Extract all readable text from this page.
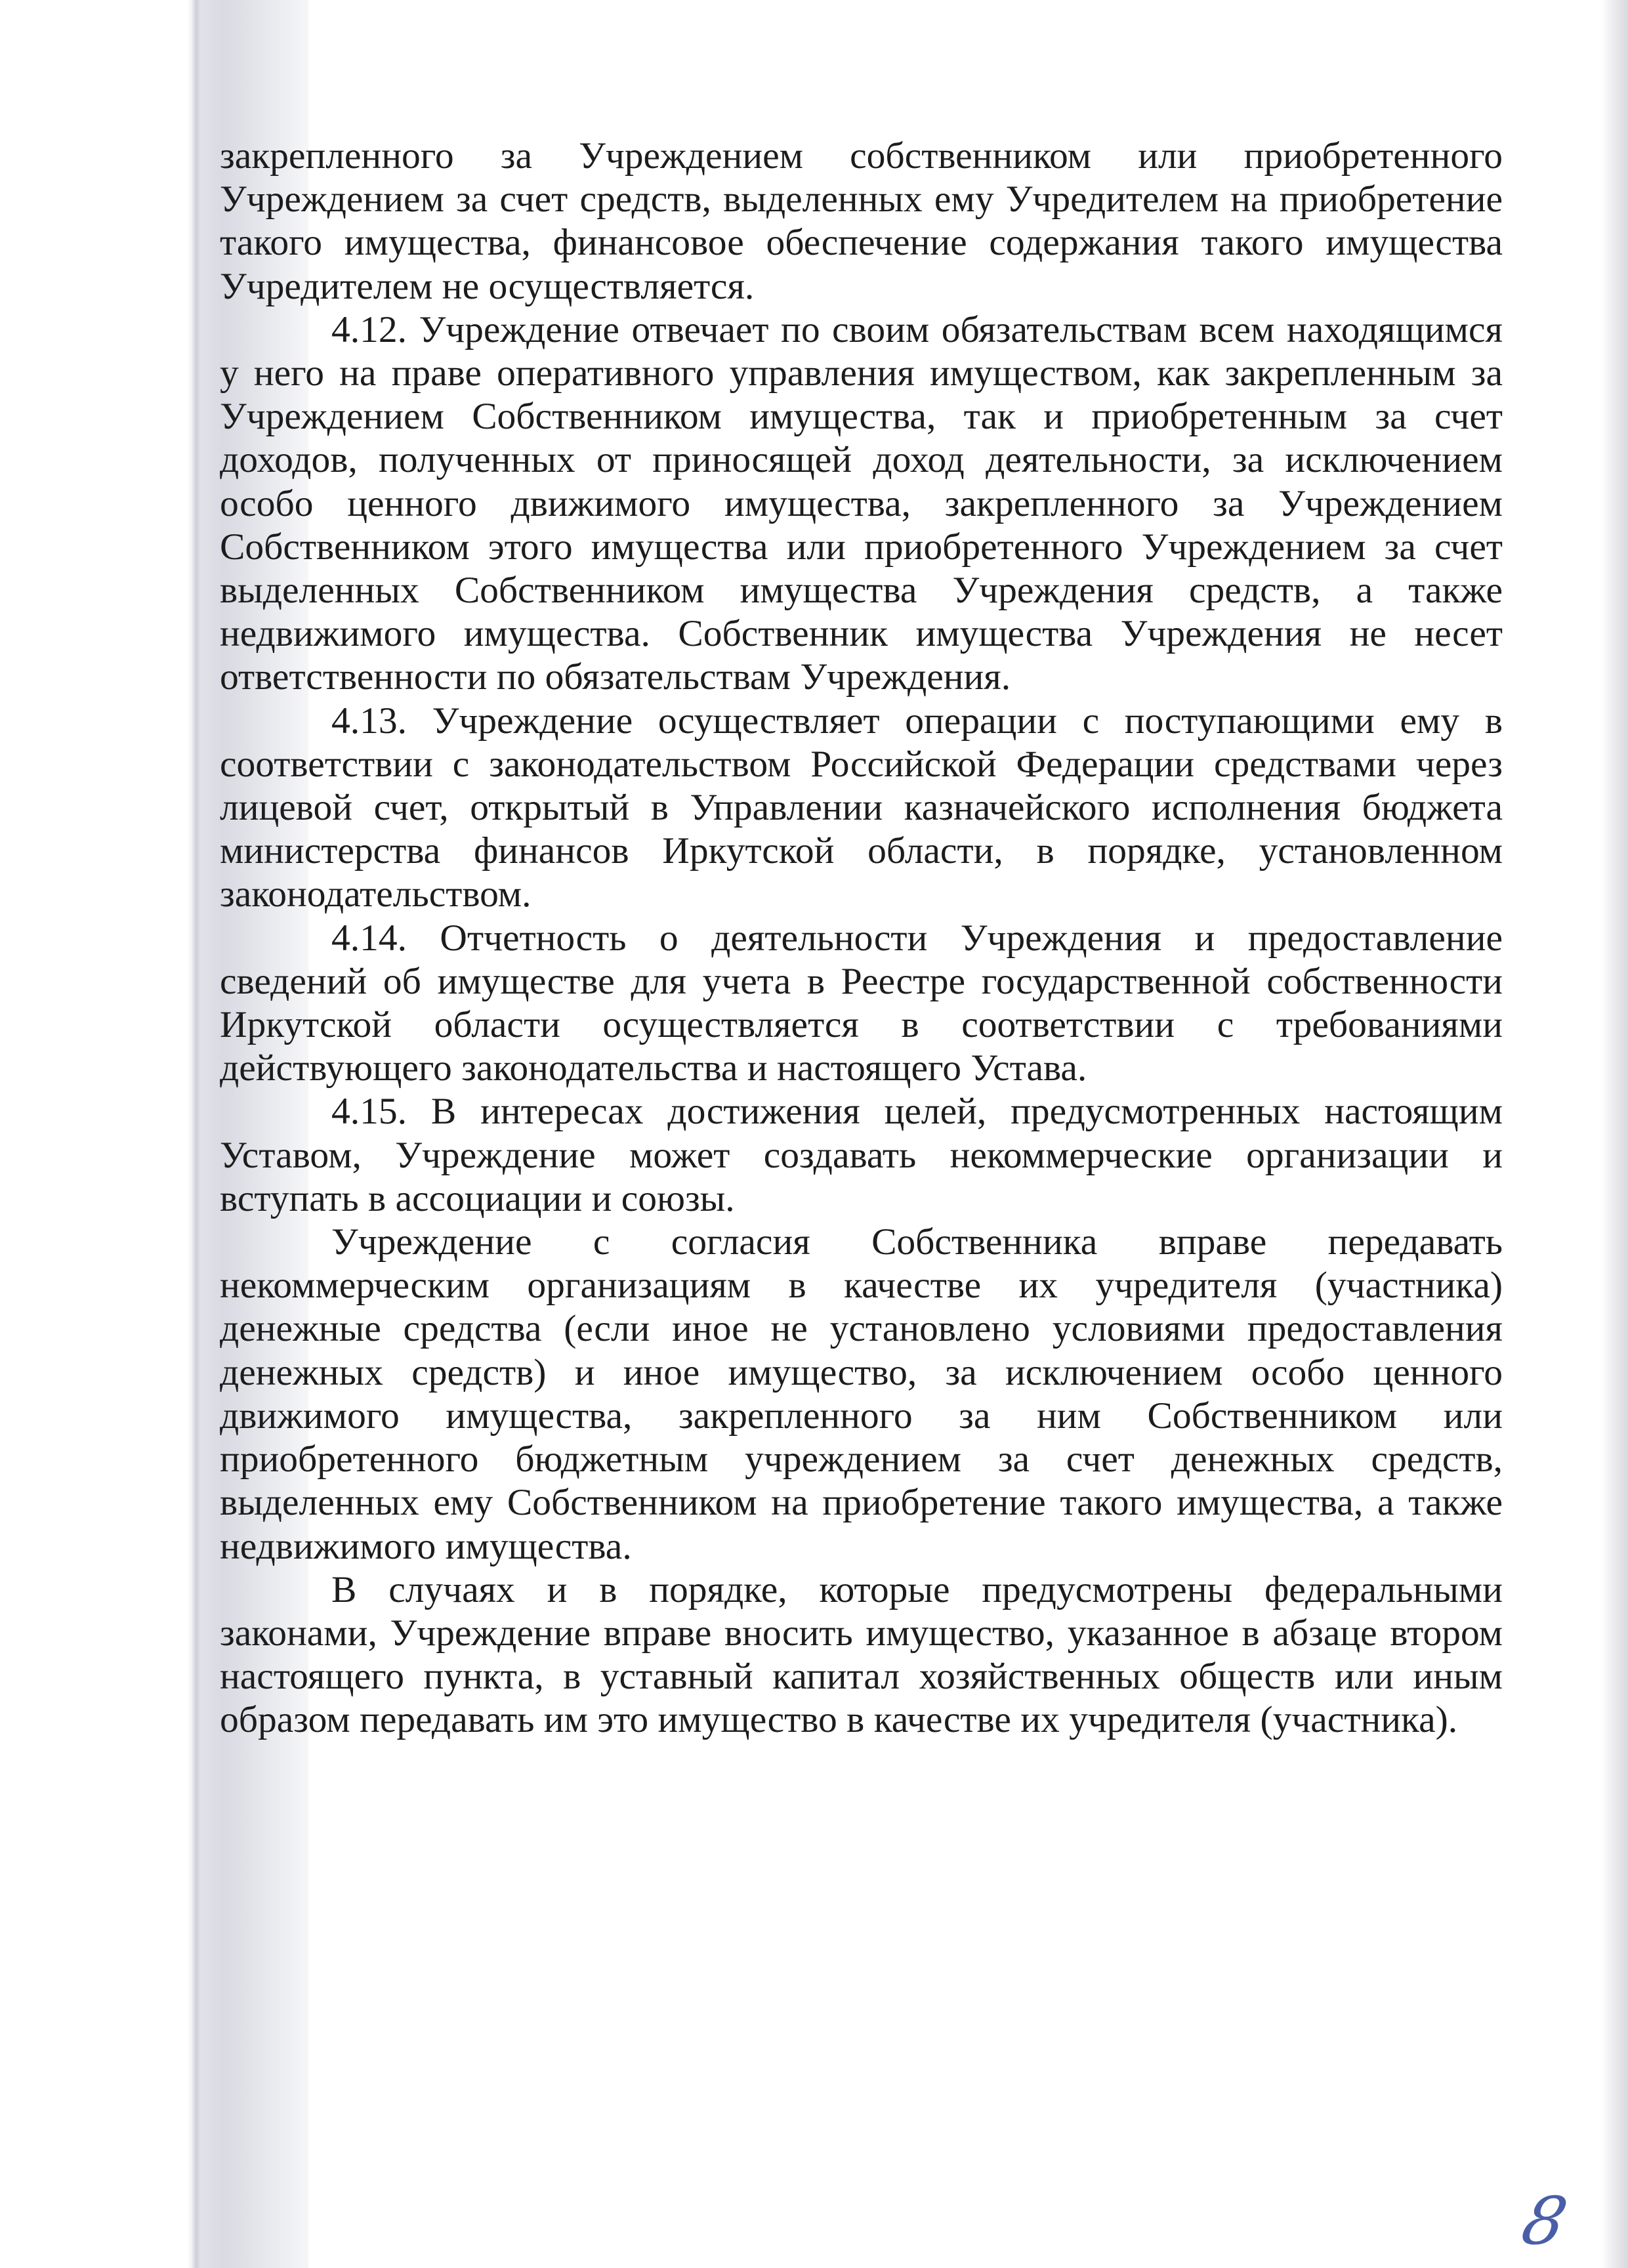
закрепленного за Учреждением собственником или приобретенного Учреждением за счет средств, выделенных ему Учредителем на приобретение такого имущества, финансовое обеспечение содержания такого имущества Учредителем не осуществляется.

4.12. Учреждение отвечает по своим обязательствам всем находящимся у него на праве оперативного управления имуществом, как закрепленным за Учреждением Собственником имущества, так и приобретенным за счет доходов, полученных от приносящей доход деятельности, за исключением особо ценного движимого имущества, закрепленного за Учреждением Собственником этого имущества или приобретенного Учреждением за счет выделенных Собственником имущества Учреждения средств, а также недвижимого имущества. Собственник имущества Учреждения не несет ответственности по обязательствам Учреждения.

4.13. Учреждение осуществляет операции с поступающими ему в соответствии с законодательством Российской Федерации средствами через лицевой счет, открытый в Управлении казначейского исполнения бюджета министерства финансов Иркутской области, в порядке, установленном законодательством.

4.14. Отчетность о деятельности Учреждения и предоставление сведений об имуществе для учета в Реестре государственной собственности Иркутской области осуществляется в соответствии с требованиями действующего законодательства и настоящего Устава.

4.15. В интересах достижения целей, предусмотренных настоящим Уставом, Учреждение может создавать некоммерческие организации и вступать в ассоциации и союзы.

Учреждение с согласия Собственника вправе передавать некоммерческим организациям в качестве их учредителя (участника) денежные средства (если иное не установлено условиями предоставления денежных средств) и иное имущество, за исключением особо ценного движимого имущества, закрепленного за ним Собственником или приобретенного бюджетным учреждением за счет денежных средств, выделенных ему Собственником на приобретение такого имущества, а также недвижимого имущества.

В случаях и в порядке, которые предусмотрены федеральными законами, Учреждение вправе вносить имущество, указанное в абзаце втором настоящего пункта, в уставный капитал хозяйственных обществ или иным образом передавать им это имущество в качестве их учредителя (участника).

8
